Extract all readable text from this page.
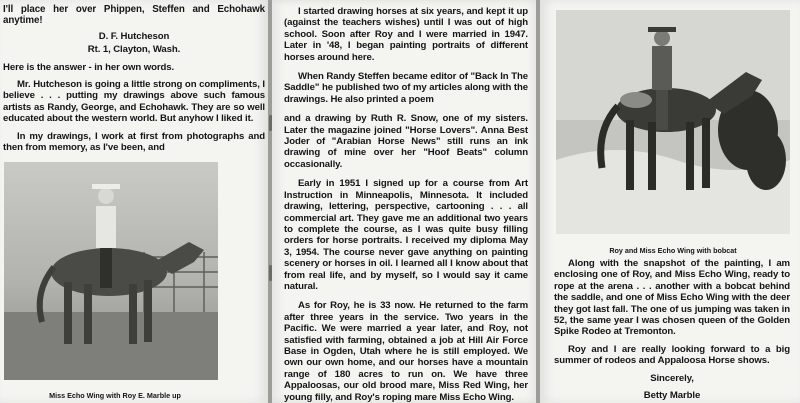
I'll place her over Phippen, Steffen and Echohawk anytime!

D. F. Hutcheson

Rt. 1, Clayton, Wash.

Here is the answer - in her own words.

Mr. Hutcheson is going a little strong on compliments, I believe . . . putting my drawings above such famous artists as Randy, George, and Echohawk. They are so well educated about the western world. But anyhow I liked it.

In my drawings, I work at first from photographs and then from memory, as I've been, and

Miss Echo Wing with Roy E. Marble up

I started drawing horses at six years, and kept it up (against the teachers wishes) until I was out of high school. Soon after Roy and I were married in 1947. Later in '48, I began painting portraits of different horses around here.

When Randy Steffen became editor of "Back In The Saddle" he published two of my articles along with the drawings. He also printed a poem

and a drawing by Ruth R. Snow, one of my sisters. Later the magazine joined "Horse Lovers". Anna Best Joder of "Arabian Horse News" still runs an ink drawing of mine over her "Hoof Beats" column occasionally.

Early in 1951 I signed up for a course from Art Instruction in Minneapolis, Minnesota. It included drawing, lettering, perspective, cartooning . . . all commercial art. They gave me an additional two years to complete the course, as I was quite busy filling orders for horse portraits. I received my diploma May 3, 1954. The course never gave anything on painting scenery or horses in oil. I learned all I know about that from real life, and by myself, so I would say it came natural.

As for Roy, he is 33 now. He returned to the farm after three years in the service. Two years in the Pacific. We were married a year later, and Roy, not satisfied with farming, obtained a job at Hill Air Force Base in Ogden, Utah where he is still employed. We own our own home, and our horses have a mountain range of 180 acres to run on. We have three Appaloosas, our old brood mare, Miss Red Wing, her young filly, and Roy's roping mare Miss Echo Wing.

Along with the snapshot of the painting, I am enclosing one of Roy, and Miss Echo Wing, ready to rope at the arena . . . another with a bobcat behind the saddle, and one of Miss Echo Wing with the deer they got last fall. The one of us jumping was taken in 52, the same year I was chosen queen of the Golden Spike Rodeo at Tremonton.

Roy and I are really looking forward to a big summer of rodeos and Appaloosa Horse shows.

Sincerely,

Betty Marble

Roy and Miss Echo Wing with bobcat
